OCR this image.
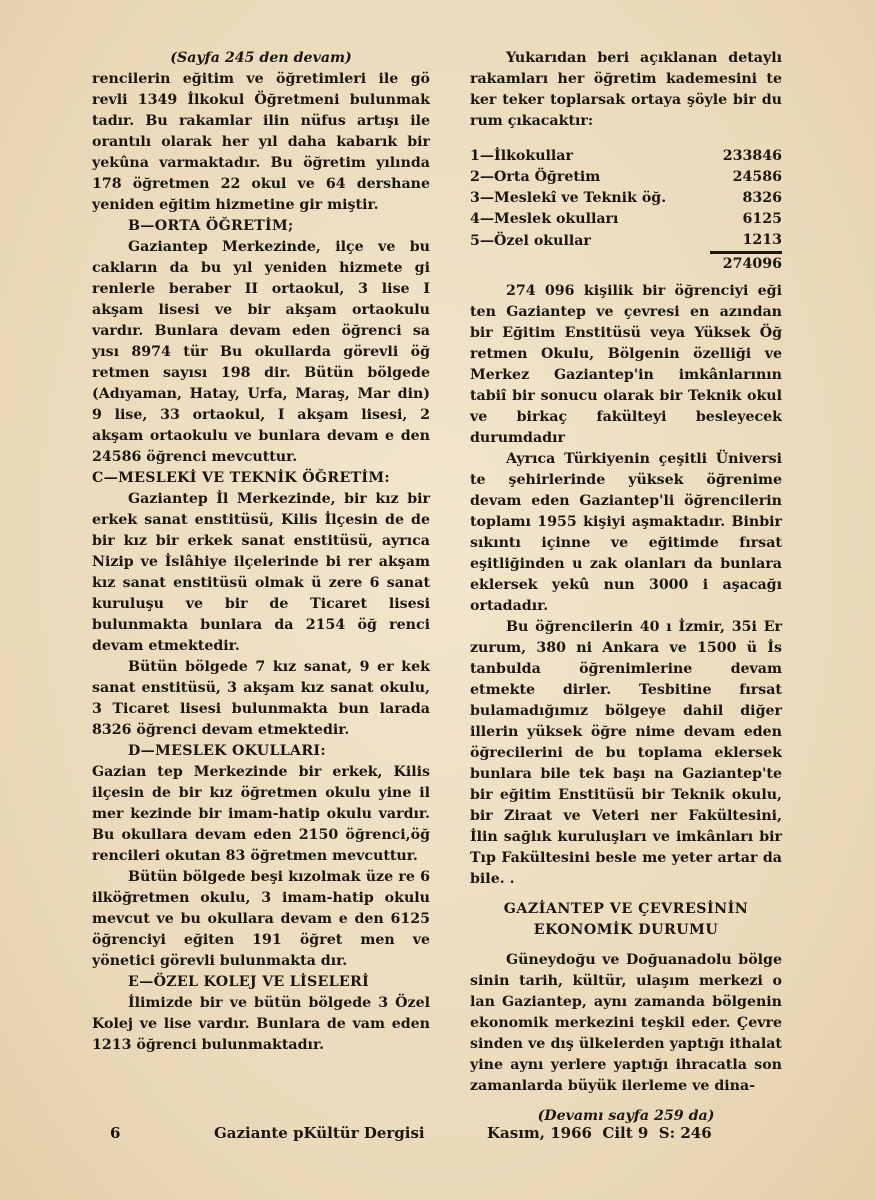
(Sayfa 245 den devam)

rencilerin eğitim ve öğretimleri ile gö revli 1349 İlkokul Öğretmeni bulunmak tadır. Bu rakamlar ilin nüfus artışı ile orantılı olarak her yıl daha kabarık bir yekûna varmaktadır. Bu öğretim yılında 178 öğretmen 22 okul ve 64 dershane yeniden eğitim hizmetine gir miştir.

B—ORTA ÖĞRETİM;

Gaziantep Merkezinde, ilçe ve bu cakların da bu yıl yeniden hizmete gi renlerle beraber II ortaokul, 3 lise I akşam lisesi ve bir akşam ortaokulu vardır. Bunlara devam eden öğrenci sa yısı 8974 tür Bu okullarda görevli öğ retmen sayısı 198 dir. Bütün bölgede (Adıyaman, Hatay, Urfa, Maraş, Mar din) 9 lise, 33 ortaokul, I akşam lisesi, 2 akşam ortaokulu ve bunlara devam e den 24586 öğrenci mevcuttur.

C—MESLEKİ VE TEKNİK ÖĞRETİM:

Gaziantep İl Merkezinde, bir kız bir erkek sanat enstitüsü, Kilis İlçesin de de bir kız bir erkek sanat enstitüsü, ayrıca Nizip ve İslâhiye ilçelerinde bi rer akşam kız sanat enstitüsü olmak ü zere 6 sanat kuruluşu ve bir de Ticaret lisesi bulunmakta bunlara da 2154 öğ renci devam etmektedir.

Bütün bölgede 7 kız sanat, 9 er kek sanat enstitüsü, 3 akşam kız sanat okulu, 3 Ticaret lisesi bulunmakta bun larada 8326 öğrenci devam etmektedir.

D—MESLEK OKULLARI:

Gazian tep Merkezinde bir erkek, Kilis ilçesin de bir kız öğretmen okulu yine il mer kezinde bir imam-hatip okulu vardır. Bu okullara devam eden 2150 öğrenci,öğ rencileri okutan 83 öğretmen mevcuttur.

Bütün bölgede beşi kızolmak üze re 6 ilköğretmen okulu, 3 imam-hatip okulu mevcut ve bu okullara devam e den 6125 öğrenciyi eğiten 191 öğret men ve yönetici görevli bulunmakta dır.

E—ÖZEL KOLEJ VE LİSELERİ

İlimizde bir ve bütün bölgede 3 Özel Kolej ve lise vardır. Bunlara de vam eden 1213 öğrenci bulunmaktadır.

Yukarıdan beri açıklanan detaylı rakamları her öğretim kademesini te ker teker toplarsak ortaya şöyle bir du rum çıkacaktır:

1—İlkokullar	233846
2—Orta Öğretim	24586
3—Meslekî ve Teknik öğ.	8326
4—Meslek okulları	6125
5—Özel okullar	1213
	274096

274 096 kişilik bir öğrenciyi eği ten Gaziantep ve çevresi en azından bir Eğitim Enstitüsü veya Yüksek Öğ retmen Okulu, Bölgenin özelliği ve Merkez Gaziantep'in imkânlarının tabiî bir sonucu olarak bir Teknik okul ve birkaç fakülteyi besleyecek durumdadır

Ayrıca Türkiyenin çeşitli Üniversi te şehirlerinde yüksek öğrenime devam eden Gaziantep'li öğrencilerin toplamı 1955 kişiyi aşmaktadır. Binbir sıkıntı içinne ve eğitimde fırsat eşitliğinden u zak olanları da bunlara eklersek yekû nun 3000 i aşacağı ortadadır.

Bu öğrencilerin 40 ı İzmir, 35i Er zurum, 380 ni Ankara ve 1500 ü İs tanbulda öğrenimlerine devam etmekte dirler. Tesbitine fırsat bulamadığımız bölgeye dahil diğer illerin yüksek öğre nime devam eden öğrecilerini de bu toplama eklersek bunlara bile tek başı na Gaziantep'te bir eğitim Enstitüsü bir Teknik okulu, bir Ziraat ve Veteri ner Fakültesini, İlin sağlık kuruluşları ve imkânları bir Tıp Fakültesini besle me yeter artar da bile. .

GAZİANTEP VE ÇEVRESİNİN

EKONOMİK DURUMU

Güneydoğu ve Doğuanadolu bölge sinin tarih, kültür, ulaşım merkezi o lan Gaziantep, aynı zamanda bölgenin ekonomik merkezini teşkil eder. Çevre sinden ve dış ülkelerden yaptığı ithalat yine aynı yerlere yaptığı ihracatla son zamanlarda büyük ilerleme ve dina-

(Devamı sayfa 259 da)

6	Gaziante pKültür Dergisi	Kasım, 1966  Cilt 9  S: 246
